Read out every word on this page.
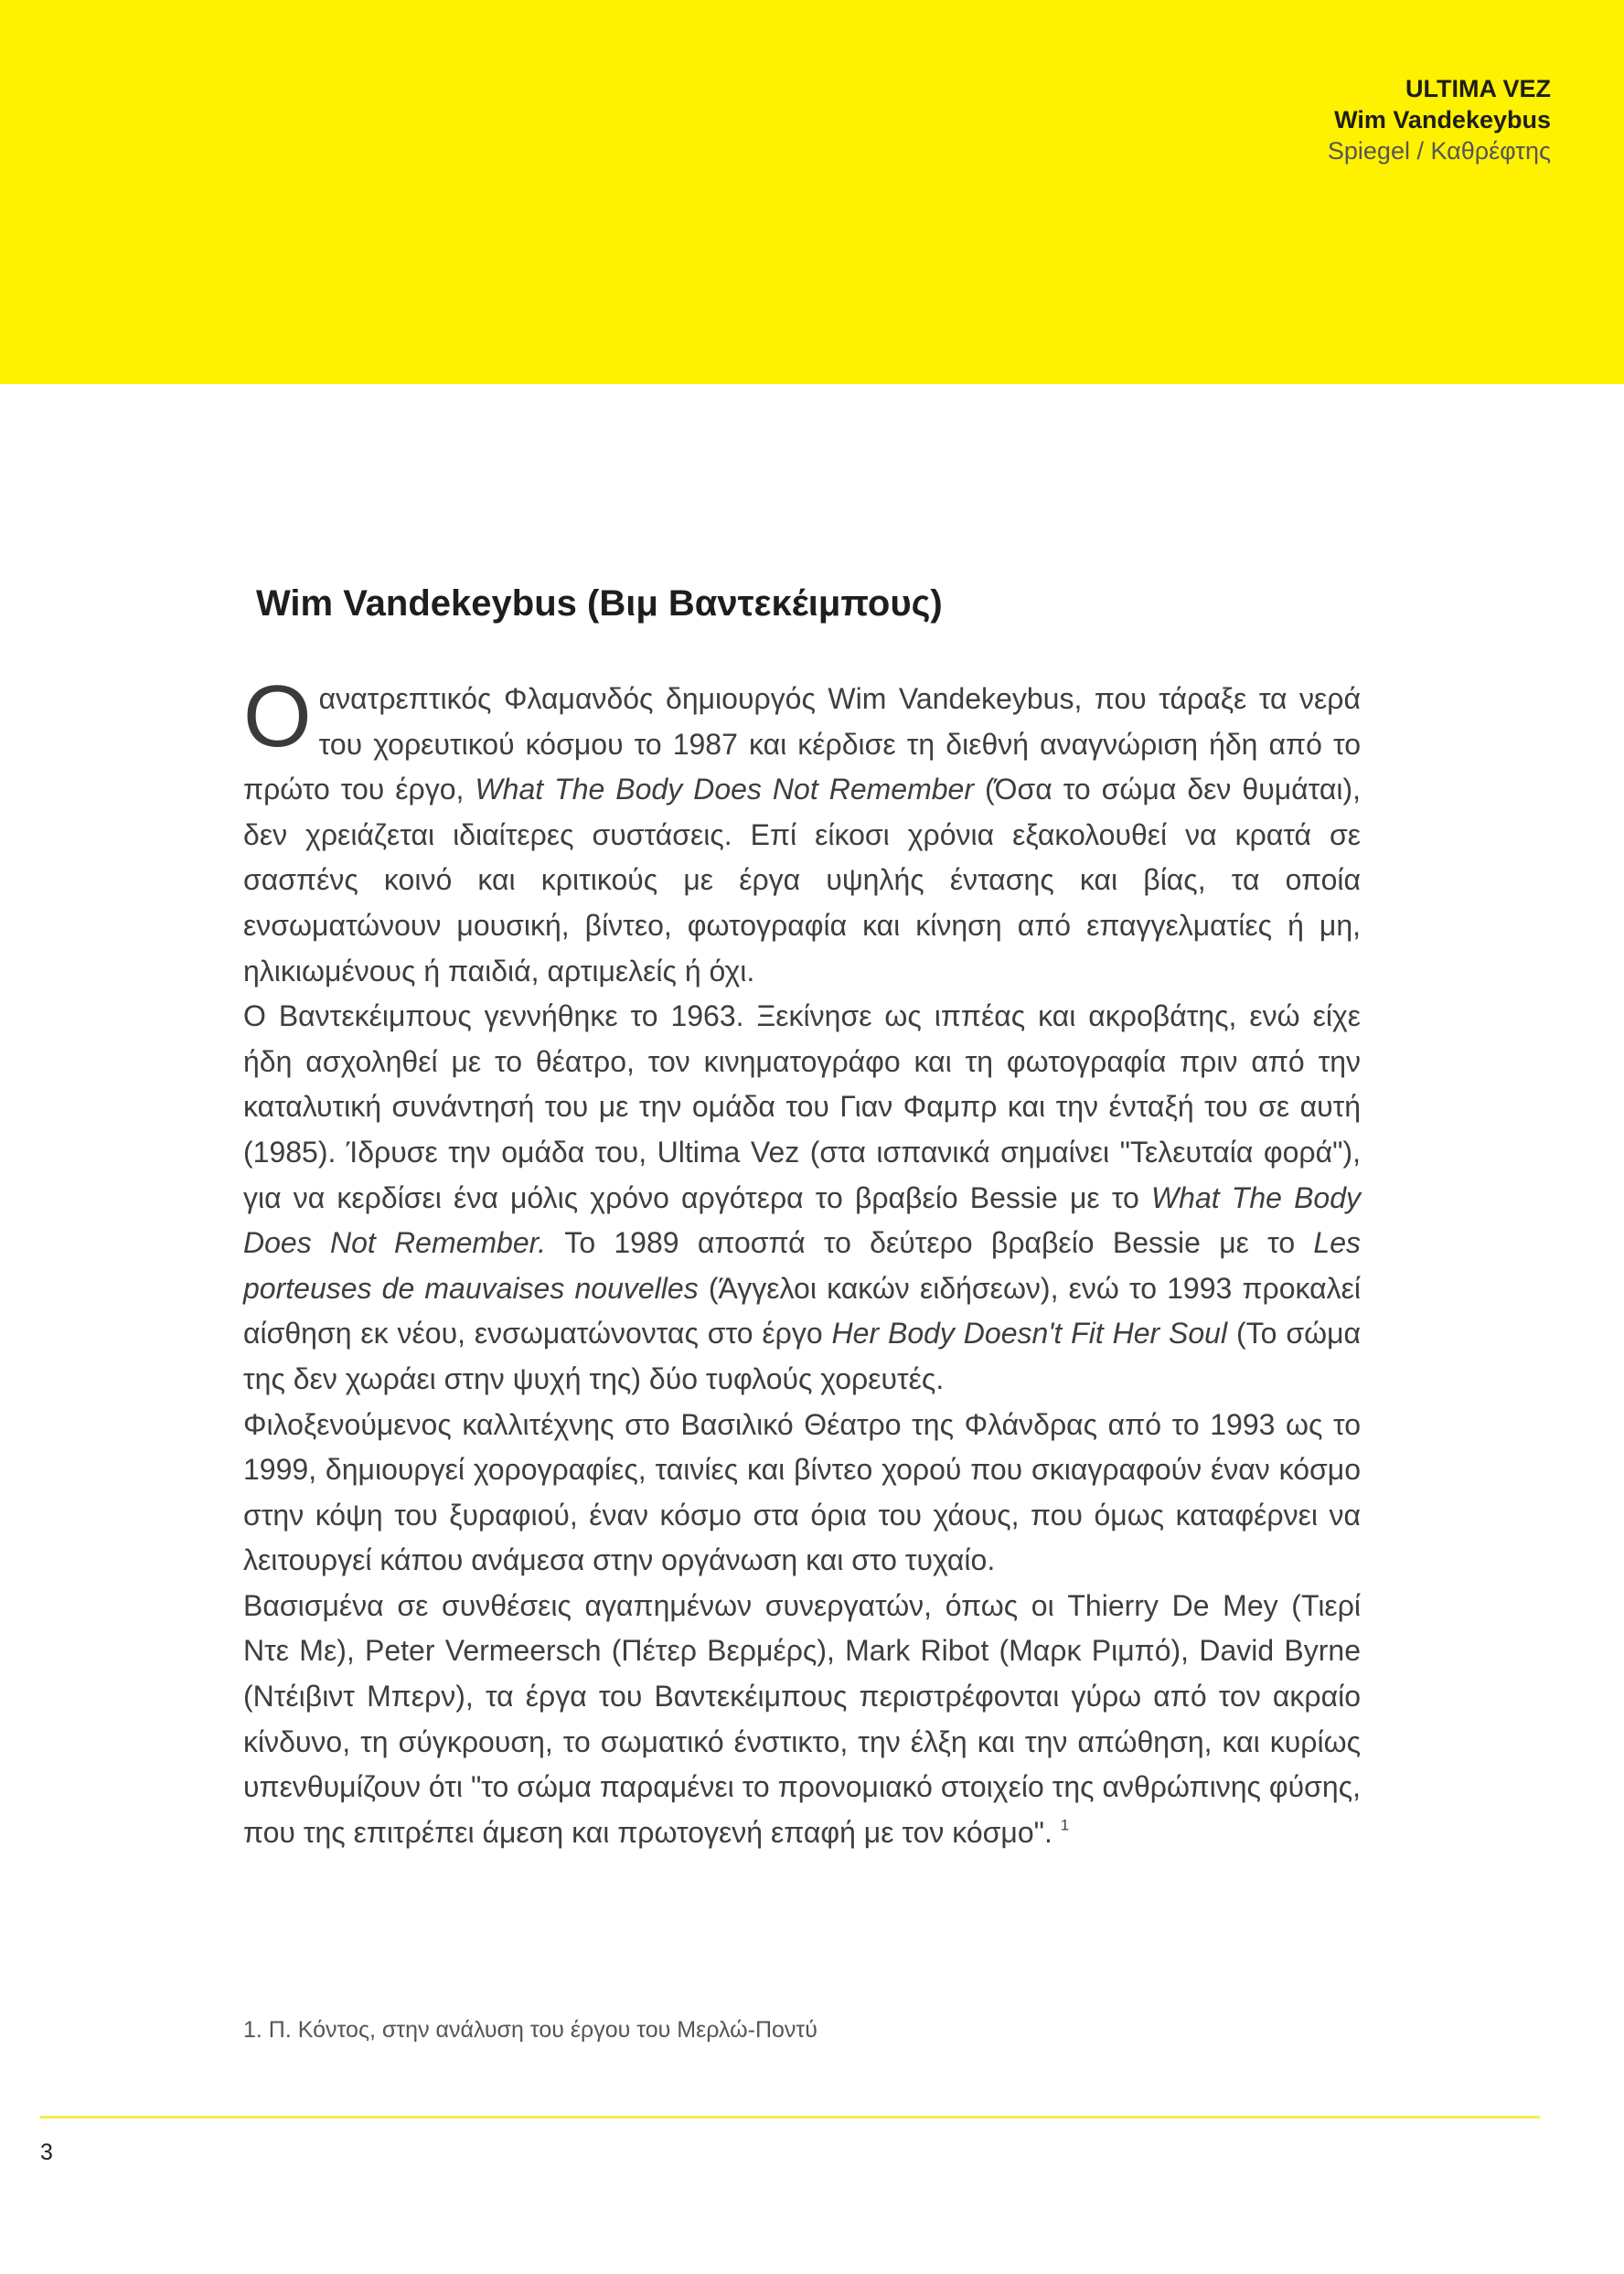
ULTIMA VEZ
Wim Vandekeybus
Spiegel / Καθρέφτης
Wim Vandekeybus (Βιμ Βαντεκέιμπους)

Ο ανατρεπτικός Φλαμανδός δημιουργός Wim Vandekeybus, που τάραξε τα νερά του χορευτικού κόσμου το 1987 και κέρδισε τη διεθνή αναγνώριση ήδη από το πρώτο του έργο, What The Body Does Not Remember (Όσα το σώμα δεν θυμάται), δεν χρειάζεται ιδιαίτερες συστάσεις. Επί είκοσι χρόνια εξακολουθεί να κρατά σε σασπένς κοινό και κριτικούς με έργα υψηλής έντασης και βίας, τα οποία ενσωματώνουν μουσική, βίντεο, φωτογραφία και κίνηση από επαγγελματίες ή μη, ηλικιωμένους ή παιδιά, αρτιμελείς ή όχι.

Ο Βαντεκέιμπους γεννήθηκε το 1963. Ξεκίνησε ως ιππέας και ακροβάτης, ενώ είχε ήδη ασχοληθεί με το θέατρο, τον κινηματογράφο και τη φωτογραφία πριν από την καταλυτική συνάντησή του με την ομάδα του Γιαν Φαμπρ και την ένταξή του σε αυτή (1985). Ίδρυσε την ομάδα του, Ultima Vez (στα ισπανικά σημαίνει "Τελευταία φορά"), για να κερδίσει ένα μόλις χρόνο αργότερα το βραβείο Bessie με το What The Body Does Not Remember. Το 1989 αποσπά το δεύτερο βραβείο Bessie με το Les porteuses de mauvaises nouvelles (Άγγελοι κακών ειδήσεων), ενώ το 1993 προκαλεί αίσθηση εκ νέου, ενσωματώνοντας στο έργο Her Body Doesn't Fit Her Soul (Το σώμα της δεν χωράει στην ψυχή της) δύο τυφλούς χορευτές.

Φιλοξενούμενος καλλιτέχνης στο Βασιλικό Θέατρο της Φλάνδρας από το 1993 ως το 1999, δημιουργεί χορογραφίες, ταινίες και βίντεο χορού που σκιαγραφούν έναν κόσμο στην κόψη του ξυραφιού, έναν κόσμο στα όρια του χάους, που όμως καταφέρνει να λειτουργεί κάπου ανάμεσα στην οργάνωση και στο τυχαίο.

Βασισμένα σε συνθέσεις αγαπημένων συνεργατών, όπως οι Thierry De Mey (Τιερί Ντε Με), Peter Vermeersch (Πέτερ Βερμέρς), Mark Ribot (Μαρκ Ριμπό), David Byrne (Ντέιβιντ Μπερν), τα έργα του Βαντεκέιμπους περιστρέφονται γύρω από τον ακραίο κίνδυνο, τη σύγκρουση, το σωματικό ένστικτο, την έλξη και την απώθηση, και κυρίως υπενθυμίζουν ότι "το σώμα παραμένει το προνομιακό στοιχείο της ανθρώπινης φύσης, που της επιτρέπει άμεση και πρωτογενή επαφή με τον κόσμο". $^1$

1. Π. Κόντος, στην ανάλυση του έργου του Μερλώ-Ποντύ
3
